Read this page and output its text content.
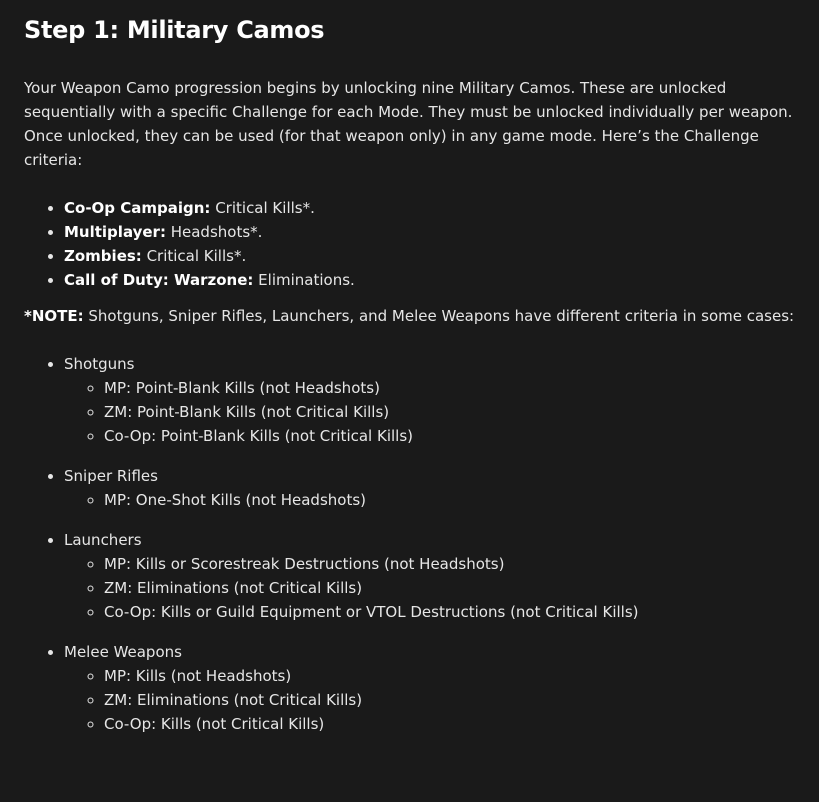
Step 1: Military Camos

Your Weapon Camo progression begins by unlocking nine Military Camos. These are unlocked sequentially with a specific Challenge for each Mode. They must be unlocked individually per weapon. Once unlocked, they can be used (for that weapon only) in any game mode. Here’s the Challenge criteria:

• Co-Op Campaign: Critical Kills*.
• Multiplayer: Headshots*.
• Zombies: Critical Kills*.
• Call of Duty: Warzone: Eliminations.

*NOTE: Shotguns, Sniper Rifles, Launchers, and Melee Weapons have different criteria in some cases:

• Shotguns
◦ MP: Point-Blank Kills (not Headshots)
◦ ZM: Point-Blank Kills (not Critical Kills)
◦ Co-Op: Point-Blank Kills (not Critical Kills)
• Sniper Rifles
◦ MP: One-Shot Kills (not Headshots)
• Launchers
◦ MP: Kills or Scorestreak Destructions (not Headshots)
◦ ZM: Eliminations (not Critical Kills)
◦ Co-Op: Kills or Guild Equipment or VTOL Destructions (not Critical Kills)
• Melee Weapons
◦ MP: Kills (not Headshots)
◦ ZM: Eliminations (not Critical Kills)
◦ Co-Op: Kills (not Critical Kills)
